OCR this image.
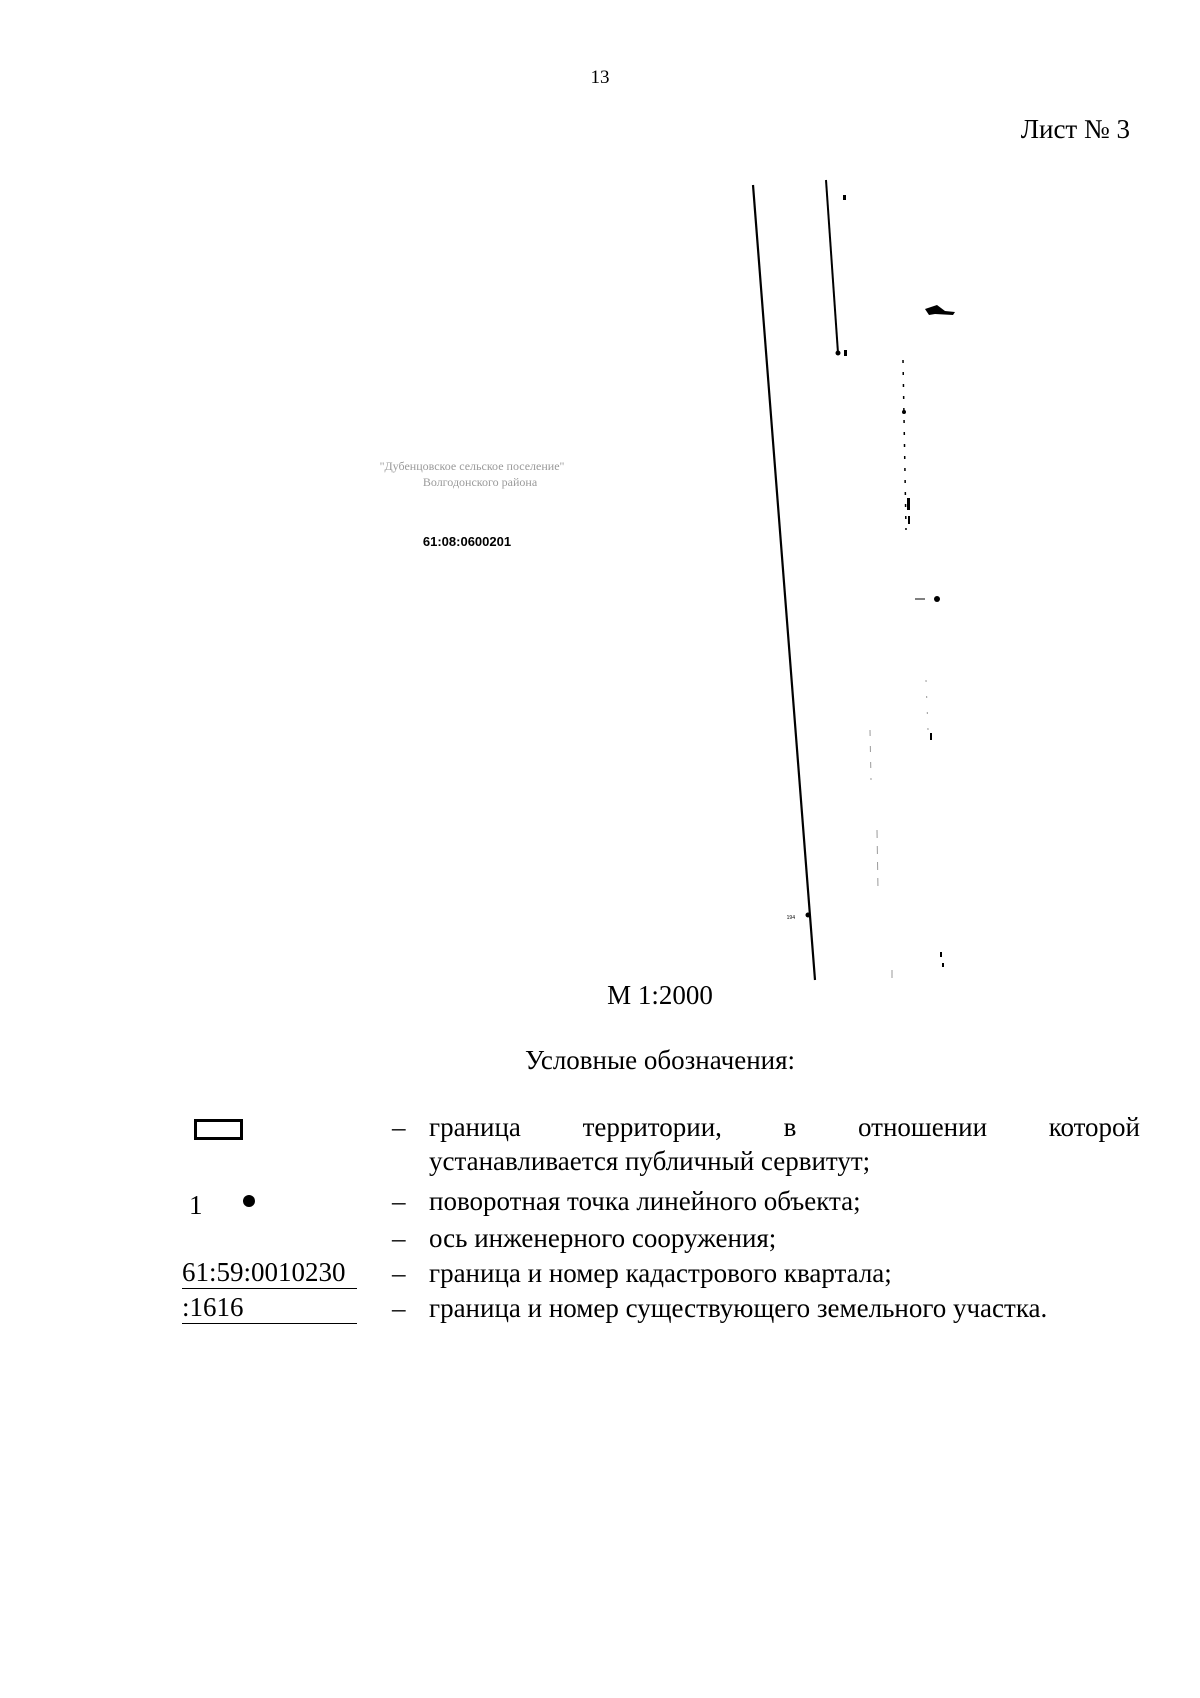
13
Лист № 3
194
"Дубенцовское сельское поселение"
Волгодонского района
61:08:0600201
М 1:2000
Условные обозначения:
– граница территории, в отношении которой
устанавливается публичный сервитут;
1	– поворотная точка линейного объекта;
– ось инженерного сооружения;
61:59:0010230	– граница и номер кадастрового квартала;
:1616	– граница и номер существующего земельного участка.
